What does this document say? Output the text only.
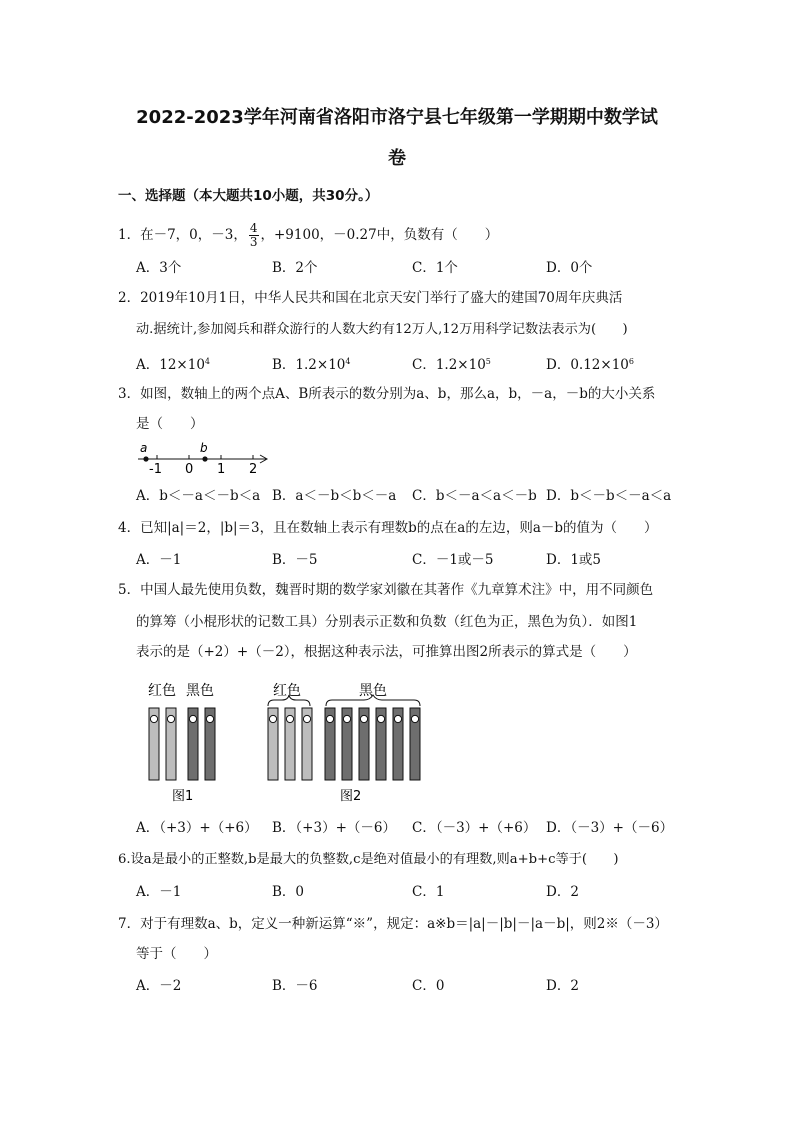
2022-2023学年河南省洛阳市洛宁县七年级第一学期期中数学试
卷
一、选择题（本大题共10小题，共30分。）
1．在－7，0，－3， $\frac{4}{3}$ ，+9100，－0.27中，负数有（　　）
A．3个	B．2个	C．1个	D．0个
2．2019年10月1日，中华人民共和国在北京天安门举行了盛大的建国70周年庆典活
动.据统计,参加阅兵和群众游行的人数大约有12万人,12万用科学记数法表示为(　　)
A．$12\times 10^4$	B．$1.2\times 10^4$	C．$1.2\times 10^5$	D．$0.12\times 10^6$
3．如图，数轴上的两个点A、B所表示的数分别为a、b，那么a，b，－a，－b的大小关系
是（　　）
a	b
-1 0 1 2
A．b＜－a＜－b＜a B．a＜－b＜b＜－a C．b＜－a＜a＜－b D．b＜－b＜－a＜a
4．已知|a|＝2，|b|＝3，且在数轴上表示有理数b的点在a的左边，则a－b的值为（　　）
A．－1	B．－5	C．－1或－5	D．1或5
5．中国人最先使用负数，魏晋时期的数学家刘徽在其著作《九章算术注》中，用不同颜色
的算筹（小棍形状的记数工具）分别表示正数和负数（红色为正，黑色为负）．如图1
表示的是（+2）+（－2），根据这种表示法，可推算出图2所表示的算式是（　　）
红色 黑色	红色	黑色
图1	图2
A．（+3）+（+6） B．（+3）+（－6） C．（－3）+（+6） D．（－3）+（－6）
6.设a是最小的正整数,b是最大的负整数,c是绝对值最小的有理数,则a+b+c等于(　　)
A．－1	B．0	C．1	D．2
7．对于有理数a、b，定义一种新运算“※”，规定：a※b＝|a|－|b|－|a－b|，则2※（－3）
等于（　　）
A．－2	B．－6	C．0	D．2
